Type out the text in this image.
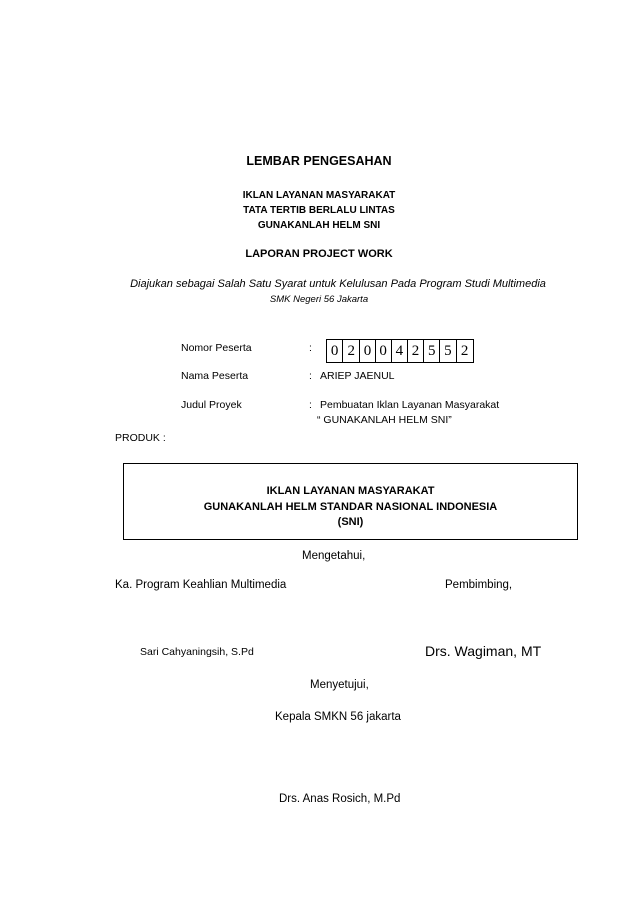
LEMBAR PENGESAHAN
IKLAN LAYANAN MASYARAKAT
TATA TERTIB BERLALU LINTAS
GUNAKANLAH HELM SNI
LAPORAN PROJECT WORK
Diajukan sebagai Salah Satu Syarat untuk Kelulusan Pada Program Studi Multimedia
SMK Negeri 56 Jakarta
Nomor Peserta	: 0 2 0 0 4 2 5 5 2
Nama Peserta	: ARIEP JAENUL
Judul Proyek	: Pembuatan Iklan Layanan Masyarakat
“ GUNAKANLAH HELM SNI”
PRODUK :
IKLAN LAYANAN MASYARAKAT
GUNAKANLAH HELM STANDAR NASIONAL INDONESIA
(SNI)
Mengetahui,
Ka. Program Keahlian Multimedia	Pembimbing,
Sari Cahyaningsih, S.Pd	Drs. Wagiman, MT
Menyetujui,
Kepala SMKN 56 jakarta
Drs. Anas Rosich, M.Pd
